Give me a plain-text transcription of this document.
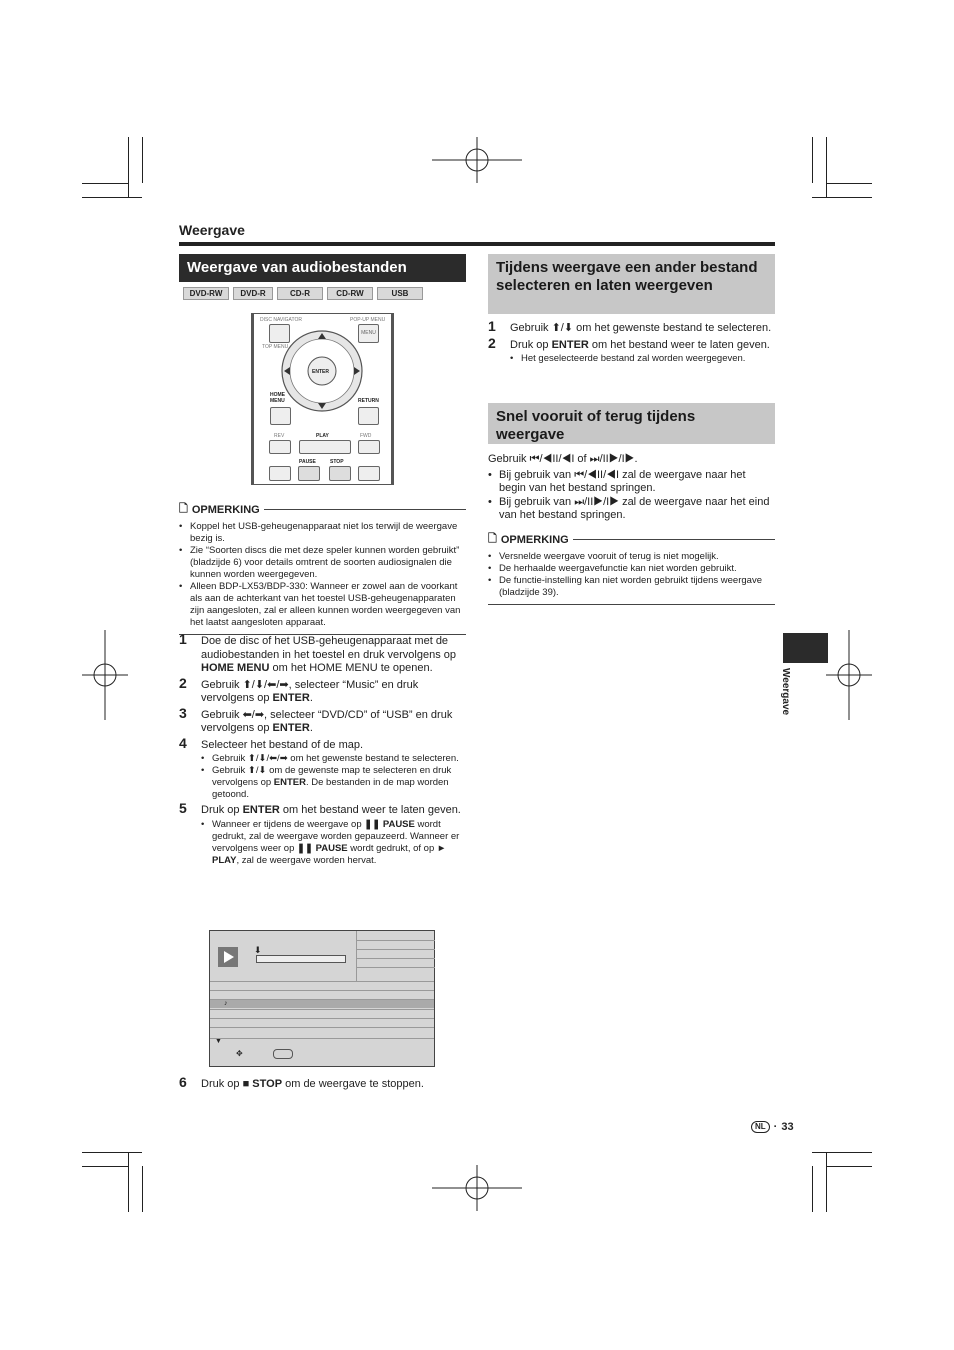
Weergave
Weergave van audiobestanden
DVD-RW	DVD-R	CD-R	CD-RW	USB
DISC NAVIGATOR	POP-UP MENU
MENU
TOP MENU
ENTER
HOME MENU	RETURN
REV	PLAY	FWD
PAUSE	STOP
🗋 OPMERKING
• Koppel het USB-geheugenapparaat niet los terwijl de weergave bezig is.
• Zie “Soorten discs die met deze speler kunnen worden gebruikt” (bladzijde 6) voor details omtrent de soorten audiosignalen die kunnen worden weergegeven.
• Alleen BDP-LX53/BDP-330: Wanneer er zowel aan de voorkant als aan de achterkant van het toestel USB-geheugenapparaten zijn aangesloten, zal er alleen kunnen worden weergegeven van het laatst aangesloten apparaat.
1 Doe de disc of het USB-geheugenapparaat met de audiobestanden in het toestel en druk vervolgens op HOME MENU om het HOME MENU te openen.
2 Gebruik ⬆/⬇/⬅/➡, selecteer “Music” en druk vervolgens op ENTER.
3 Gebruik ⬅/➡, selecteer “DVD/CD” of “USB” en druk vervolgens op ENTER.
4 Selecteer het bestand of de map.
• Gebruik ⬆/⬇/⬅/➡ om het gewenste bestand te selecteren.
• Gebruik ⬆/⬇ om de gewenste map te selecteren en druk vervolgens op ENTER. De bestanden in de map worden getoond.
5 Druk op ENTER om het bestand weer te laten geven.
• Wanneer er tijdens de weergave op ❚❚ PAUSE wordt gedrukt, zal de weergave worden gepauzeerd. Wanneer er vervolgens weer op ❚❚ PAUSE wordt gedrukt, of op ► PLAY, zal de weergave worden hervat.
⬇
♪
▼
✥
6 Druk op ■ STOP om de weergave te stoppen.
Tijdens weergave een ander bestand selecteren en laten weergeven
1 Gebruik ⬆/⬇ om het gewenste bestand te selecteren.
2 Druk op ENTER om het bestand weer te laten geven.
• Het geselecteerde bestand zal worden weergegeven.
Snel vooruit of terug tijdens weergave
Gebruik ⏮/◀II/◀I of ⏭/II▶/I▶.
• Bij gebruik van ⏮/◀II/◀I zal de weergave naar het begin van het bestand springen.
• Bij gebruik van ⏭/II▶/I▶ zal de weergave naar het eind van het bestand springen.
🗋 OPMERKING
• Versnelde weergave vooruit of terug is niet mogelijk.
• De herhaalde weergavefunctie kan niet worden gebruikt.
• De functie-instelling kan niet worden gebruikt tijdens weergave (bladzijde 39).
Weergave
NL · 33
